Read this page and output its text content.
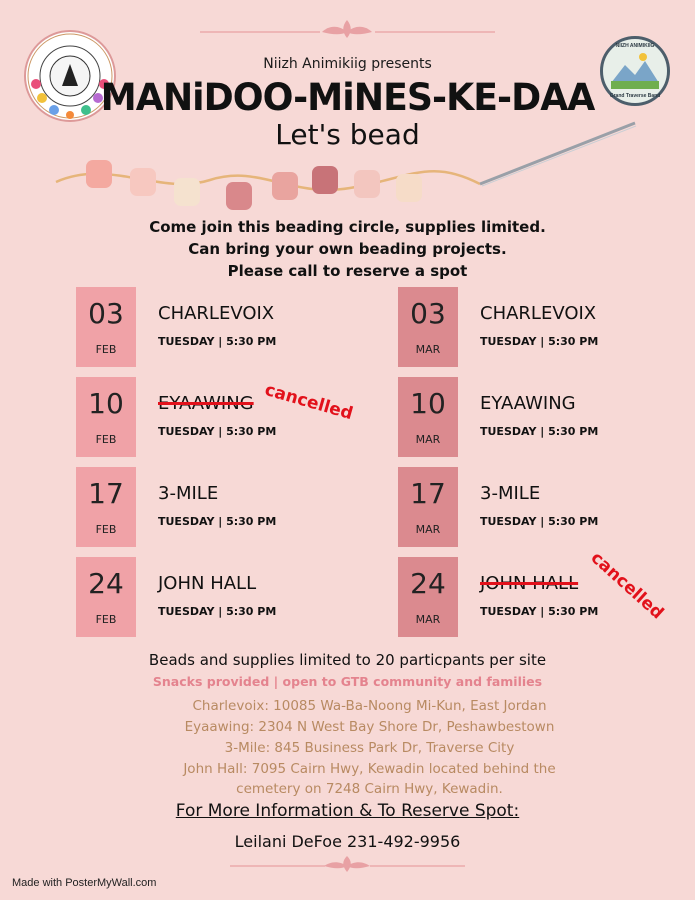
NIIZH ANIMIKIIG
Grand Traverse Band
Niizh Animikiig presents
MANiDOO-MiNES-KE-DAA
Let's bead
Come join this beading circle, supplies limited.
Can bring your own beading projects.
Please call to reserve a spot
03
FEB
CHARLEVOIX
TUESDAY | 5:30 PM
10
FEB
EYAAWING
TUESDAY | 5:30 PM
cancelled
17
FEB
3-MILE
TUESDAY | 5:30 PM
24
FEB
JOHN HALL
TUESDAY | 5:30 PM
03
MAR
CHARLEVOIX
TUESDAY | 5:30 PM
10
MAR
EYAAWING
TUESDAY | 5:30 PM
17
MAR
3-MILE
TUESDAY | 5:30 PM
24
MAR
JOHN HALL
TUESDAY | 5:30 PM
cancelled
Beads and supplies limited to 20 particpants per site
Snacks provided | open to GTB community and families
Charlevoix: 10085 Wa-Ba-Noong Mi-Kun, East Jordan
Eyaawing: 2304 N West Bay Shore Dr, Peshawbestown
3-Mile: 845 Business Park Dr, Traverse City
John Hall: 7095 Cairn Hwy, Kewadin located behind the
cemetery on 7248 Cairn Hwy, Kewadin.
For More Information & To Reserve Spot:
Leilani DeFoe 231-492-9956
Made with PosterMyWall.com
